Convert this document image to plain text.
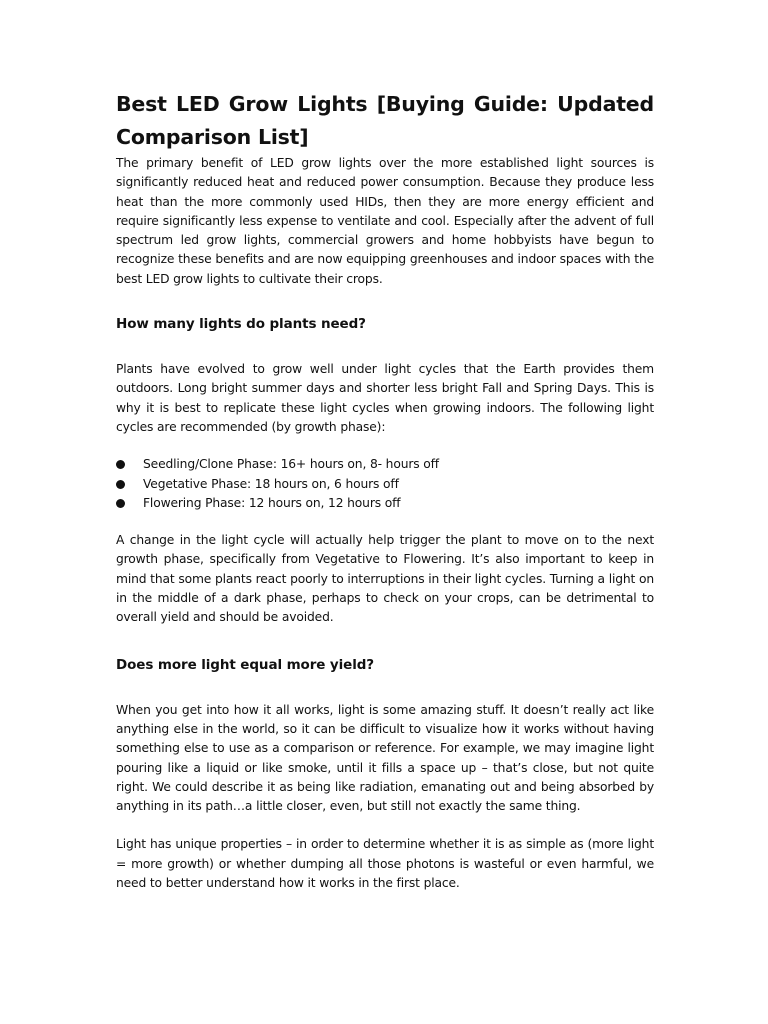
Best LED Grow Lights [Buying Guide: Updated Comparison List]

The primary benefit of LED grow lights over the more established light sources is significantly reduced heat and reduced power consumption. Because they produce less heat than the more commonly used HIDs, then they are more energy efficient and require significantly less expense to ventilate and cool. Especially after the advent of full spectrum led grow lights, commercial growers and home hobbyists have begun to recognize these benefits and are now equipping greenhouses and indoor spaces with the best LED grow lights to cultivate their crops.

How many lights do plants need?

Plants have evolved to grow well under light cycles that the Earth provides them outdoors. Long bright summer days and shorter less bright Fall and Spring Days. This is why it is best to replicate these light cycles when growing indoors. The following light cycles are recommended (by growth phase):

Seedling/Clone Phase: 16+ hours on, 8- hours off
Vegetative Phase: 18 hours on, 6 hours off
Flowering Phase: 12 hours on, 12 hours off

A change in the light cycle will actually help trigger the plant to move on to the next growth phase, specifically from Vegetative to Flowering. It’s also important to keep in mind that some plants react poorly to interruptions in their light cycles. Turning a light on in the middle of a dark phase, perhaps to check on your crops, can be detrimental to overall yield and should be avoided.

Does more light equal more yield?

When you get into how it all works, light is some amazing stuff. It doesn’t really act like anything else in the world, so it can be difficult to visualize how it works without having something else to use as a comparison or reference. For example, we may imagine light pouring like a liquid or like smoke, until it fills a space up – that’s close, but not quite right. We could describe it as being like radiation, emanating out and being absorbed by anything in its path…a little closer, even, but still not exactly the same thing.

Light has unique properties – in order to determine whether it is as simple as (more light = more growth) or whether dumping all those photons is wasteful or even harmful, we need to better understand how it works in the first place.
